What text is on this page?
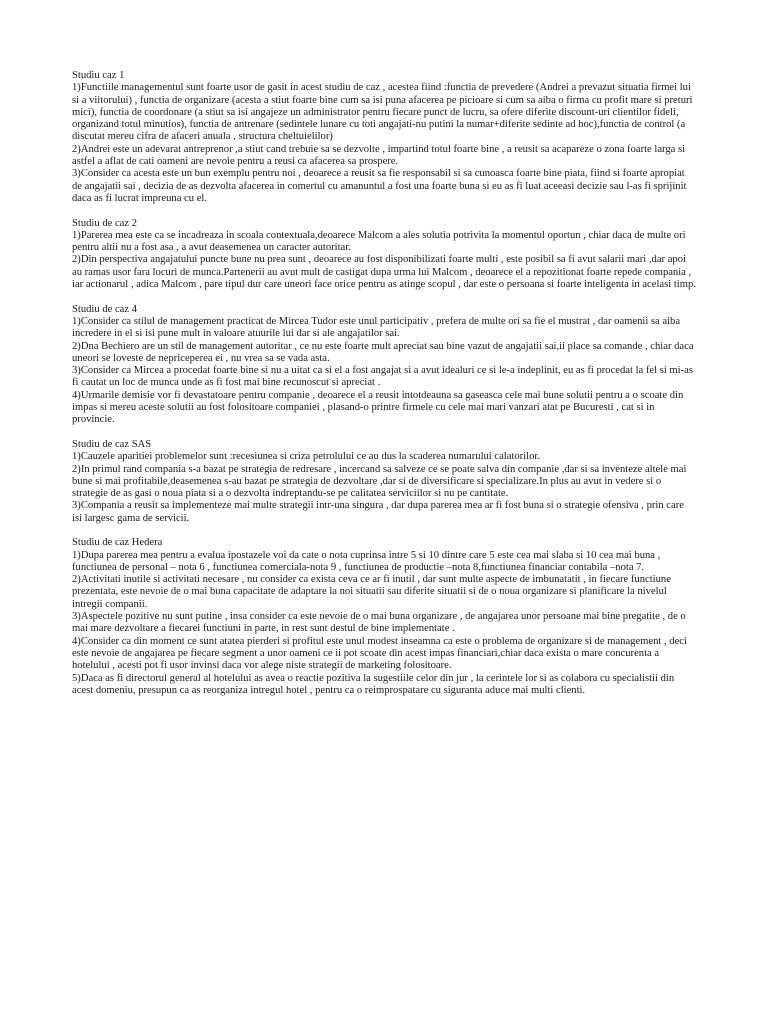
Studiu caz 1

1)Functiile managementul sunt foarte usor de gasit in acest studiu de caz , acestea fiind :functia de prevedere (Andrei a prevazut situatia firmei lui si a viitorului) , functia de organizare (acesta a stiut foarte bine cum sa isi puna afacerea pe picioare si cum sa aiba o firma cu profit mare si preturi mici), functia de coordonare (a stiut sa isi angajeze un administrator pentru fiecare punct de lucru, sa ofere diferite discount-uri clientilor fideli, organizand totul minutios), functia de antrenare (sedintele lunare cu toti angajati-nu putini la numar+diferite sedinte ad hoc),functia de control (a discutat mereu cifra de afaceri anuala , structura cheltuielilor)

2)Andrei este un adevarat antreprenor ,a stiut cand trebuie sa se dezvolte , impartind totul foarte bine , a reusit sa acapareze o zona foarte larga si astfel a aflat de cati oameni are nevoie pentru a reusi ca afacerea sa prospere.

3)Consider ca acesta este un bun exemplu pentru noi , deoarece a reusit sa fie responsabil si sa cunoasca foarte bine piata, fiind si foarte apropiat de angajatii sai , decizia de as dezvolta afacerea in comertul cu amanuntul a fost una foarte buna si eu as fi luat aceeasi decizie sau l-as fi sprijinit daca as fi lucrat impreuna cu el.

Studiu de caz 2

1)Parerea mea este ca se incadreaza in scoala contextuala,deoarece Malcom a ales solutia potrivita la momentul oportun , chiar daca de multe ori pentru altii nu a fost asa , a avut deasemenea un caracter autoritar.

2)Din perspectiva angajatului puncte bune nu prea sunt , deoarece au fost disponibilizati foarte multi , este posibil sa fi avut salarii mari ,dar apoi au ramas usor fara locuri de munca.Partenerii au avut mult de castigat dupa urma lui Malcom , deoarece el a repozitionat foarte repede compania , iar actionarul , adica Malcom , pare tipul dur care uneori face orice pentru as atinge scopul , dar este o persoana si foarte inteligenta in acelasi timp.

Studiu de caz 4

1)Consider ca stilul de management practicat de Mircea Tudor este unul participativ , prefera de multe ori sa fie el mustrat , dar oamenii sa aiba incredere in el si isi pune mult in valoare atuurile lui dar si ale angajatilor sai.

2)Dna Bechiero are un stil de management autoritar , ce nu este foarte mult apreciat sau bine vazut de angajatii sai,ii place sa comande , chiar daca uneori se loveste de nepriceperea ei , nu vrea sa se vada asta.

3)Consider ca Mircea a procedat foarte bine si nu a uitat ca si el a fost angajat si a avut idealuri ce si le-a indeplinit, eu as fi procedat la fel si mi-as fi cautat un loc de munca unde as fi fost mai bine recunoscut si apreciat .

4)Urmarile demisie vor fi devastatoare pentru companie , deoarece el a reusit intotdeauna sa gaseasca cele mai bune solutii pentru a o scoate din impas si mereu aceste solutii au fost folositoare companiei , plasand-o printre firmele cu cele mai mari vanzari atat pe Bucuresti , cat si in provincie.

Studiu de caz SAS

1)Cauzele aparitiei problemelor sunt :recesiunea si criza petrolului ce au dus la scaderea numarului calatorilor.

2)In primul rand compania s-a bazat pe strategia de redresare , incercand sa salveze ce se poate salva din companie ,dar si sa inventeze altele mai bune si mai profitabile,deasemenea s-au bazat pe strategia de dezvoltare ,dar si de diversificare si specializare.In plus au avut in vedere si o strategie de as gasi o noua piata si a o dezvolta indreptandu-se pe calitatea serviciilor si nu pe cantitate.

3)Compania a reusit sa implementeze mai multe strategii intr-una singura , dar dupa parerea mea ar fi fost buna si o strategie ofensiva , prin care isi largesc gama de servicii.

Studiu de caz Hedera

1)Dupa parerea mea pentru a evalua ipostazele voi da cate o nota cuprinsa intre 5 si 10 dintre care 5 este cea mai slaba si 10 cea mai buna , functiunea de personal – nota 6 , functiunea comerciala-nota 9 , functiunea de productie –nota 8,functiunea financiar contabila –nota 7.

2)Activitati inutile si activitati necesare , nu consider ca exista ceva ce ar fi inutil , dar sunt multe aspecte de imbunatatit , in fiecare functiune prezentata, este nevoie de o mai buna capacitate de adaptare la noi situatii sau diferite situatii si de o noua organizare si planificare la nivelul intregii companii.

3)Aspectele pozitive nu sunt putine , insa consider ca este nevoie de o mai buna organizare , de angajarea unor persoane mai bine pregatite , de o mai mare dezvoltare a fiecarei functiuni in parte, in rest sunt destul de bine implementate .

4)Consider ca din moment ce sunt atatea pierderi si profitul este unul modest inseamna ca este o problema de organizare si de management , deci este nevoie de angajarea pe fiecare segment a unor oameni ce ii pot scoate din acest impas financiari,chiar daca exista o mare concurenta a hotelului , acesti pot fi usor invinsi daca vor alege niste strategii de marketing folositoare.

5)Daca as fi directorul general al hotelului as avea o reactie pozitiva la sugestiile celor din jur , la cerintele lor si as colabora cu specialistii din acest domeniu, presupun ca as reorganiza intregul hotel , pentru ca o reimprospatare cu siguranta aduce mai multi clienti.
